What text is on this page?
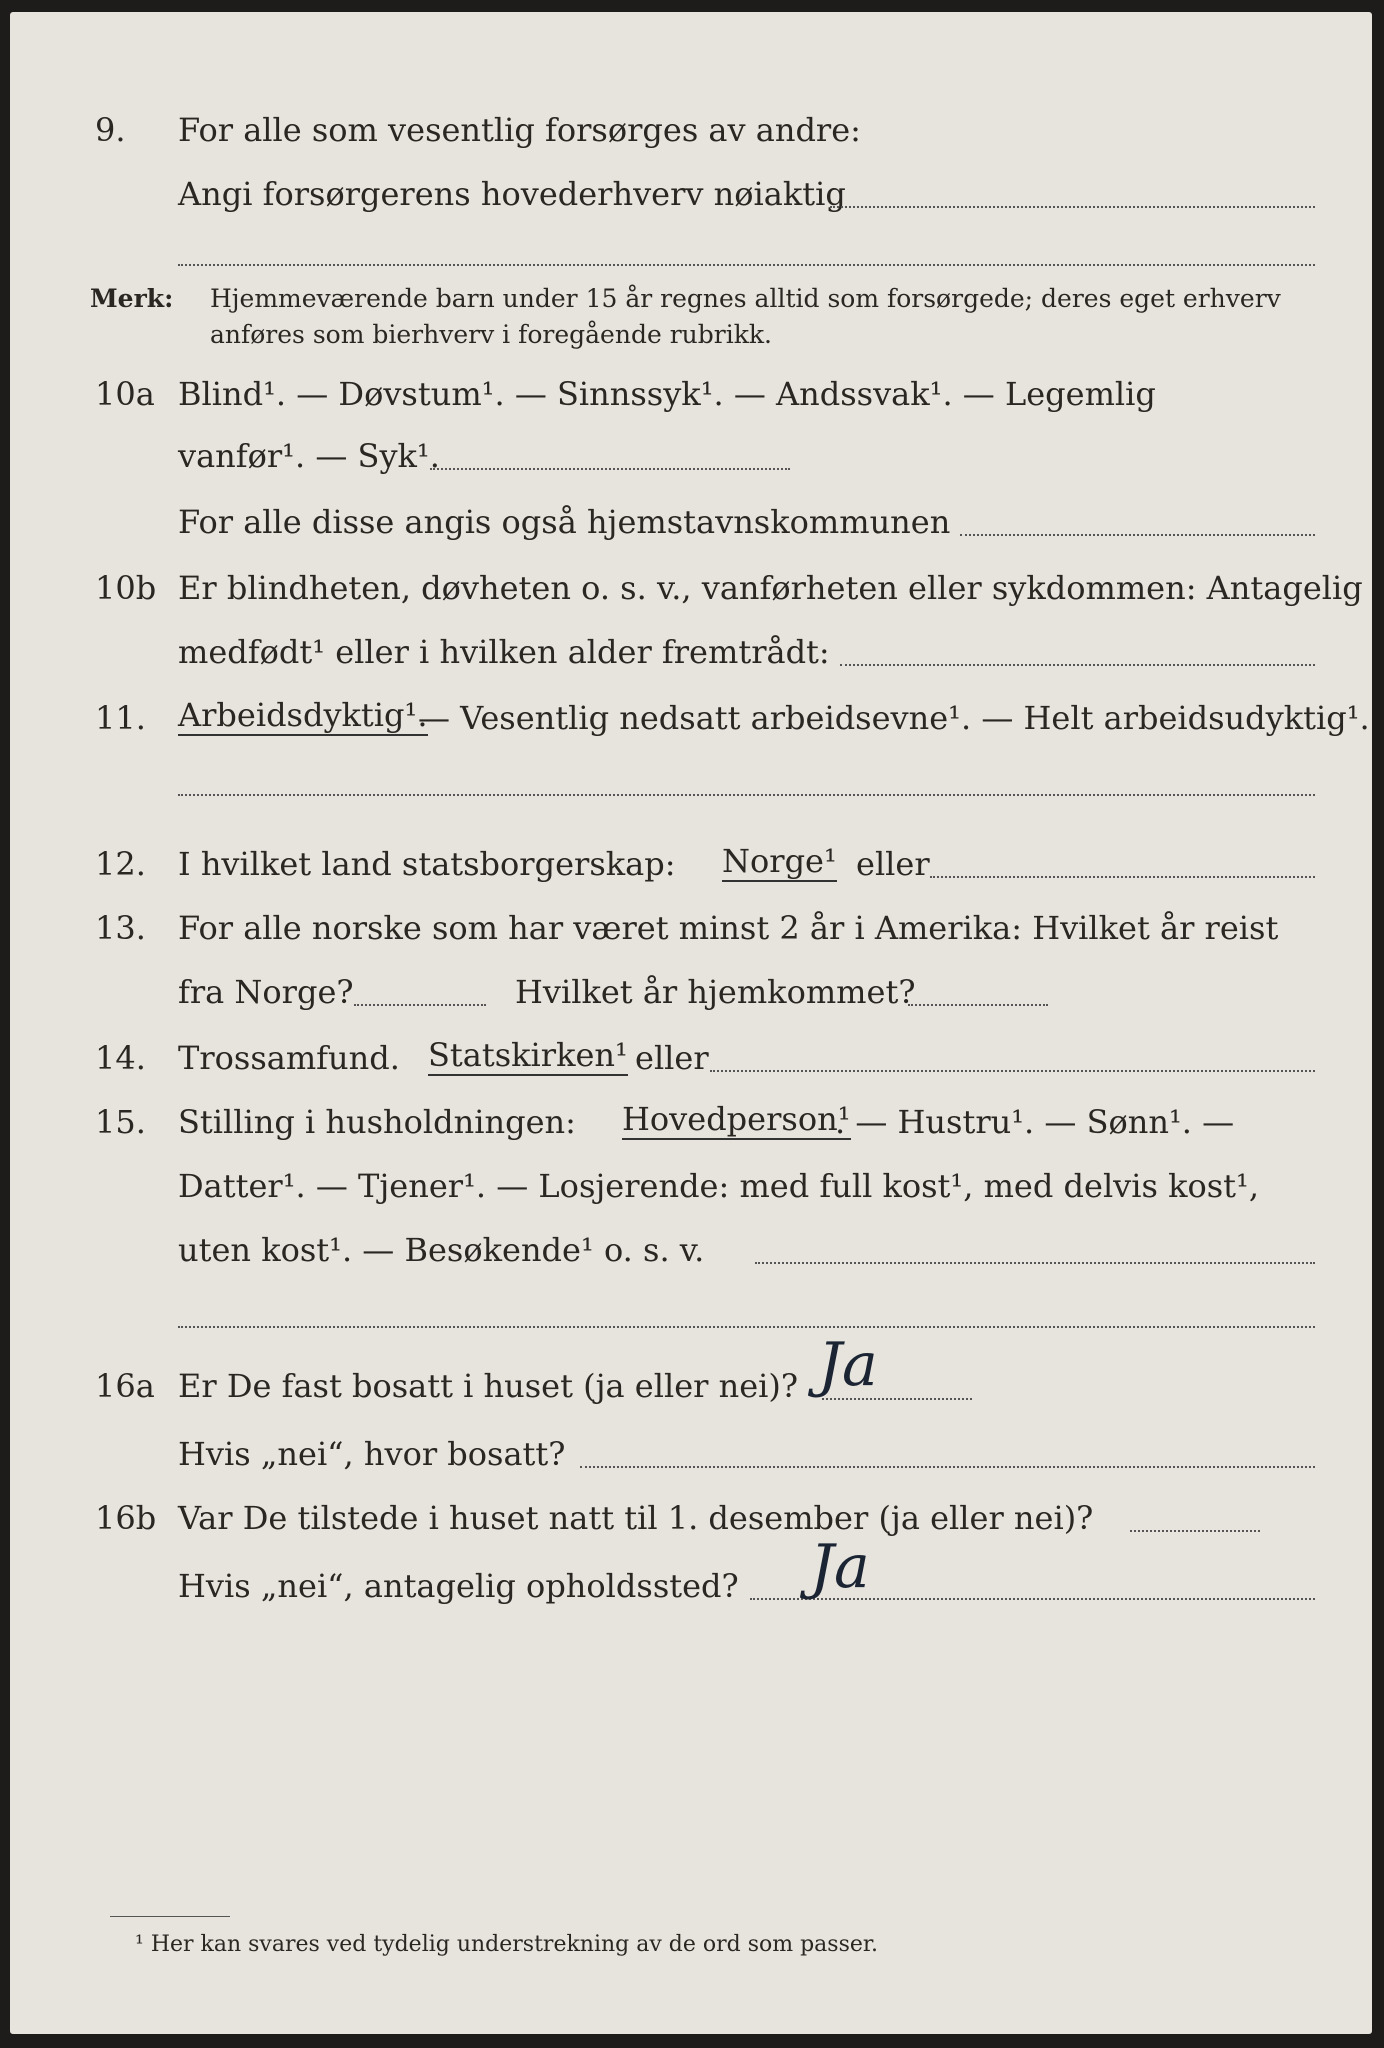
9.	For alle som vesentlig forsørges av andre:
Angi forsørgerens hovederhverv nøiaktig
Merk: Hjemmeværende barn under 15 år regnes alltid som forsørgede; deres eget erhverv
anføres som bierhverv i foregående rubrikk.
10a Blind¹. — Døvstum¹. — Sinnssyk¹. — Andssvak¹. — Legemlig
vanfør¹. — Syk¹.
For alle disse angis også hjemstavnskommunen
10b Er blindheten, døvheten o. s. v., vanførheten eller sykdommen: Antagelig
medfødt¹ eller i hvilken alder fremtrådt:
11.	Arbeidsdyktig¹.
— Vesentlig nedsatt arbeidsevne¹. — Helt arbeidsudyktig¹.
12.	I hvilket land statsborgerskap: Norge¹ eller
13.	For alle norske som har været minst 2 år i Amerika: Hvilket år reist
fra Norge?	Hvilket år hjemkommet?
14.	Trossamfund. Statskirken¹ eller
15.	Stilling i husholdningen: Hovedperson¹
. — Hustru¹. — Sønn¹. —
Datter¹. — Tjener¹. — Losjerende: med full kost¹, med delvis kost¹,
uten kost¹. — Besøkende¹ o. s. v.
16a Er De fast bosatt i huset (ja eller nei)? Ja
Hvis „nei“, hvor bosatt?
16b Var De tilstede i huset natt til 1. desember (ja eller nei)?
Hvis „nei“, antagelig opholdssted? Ja
¹ Her kan svares ved tydelig understrekning av de ord som passer.
